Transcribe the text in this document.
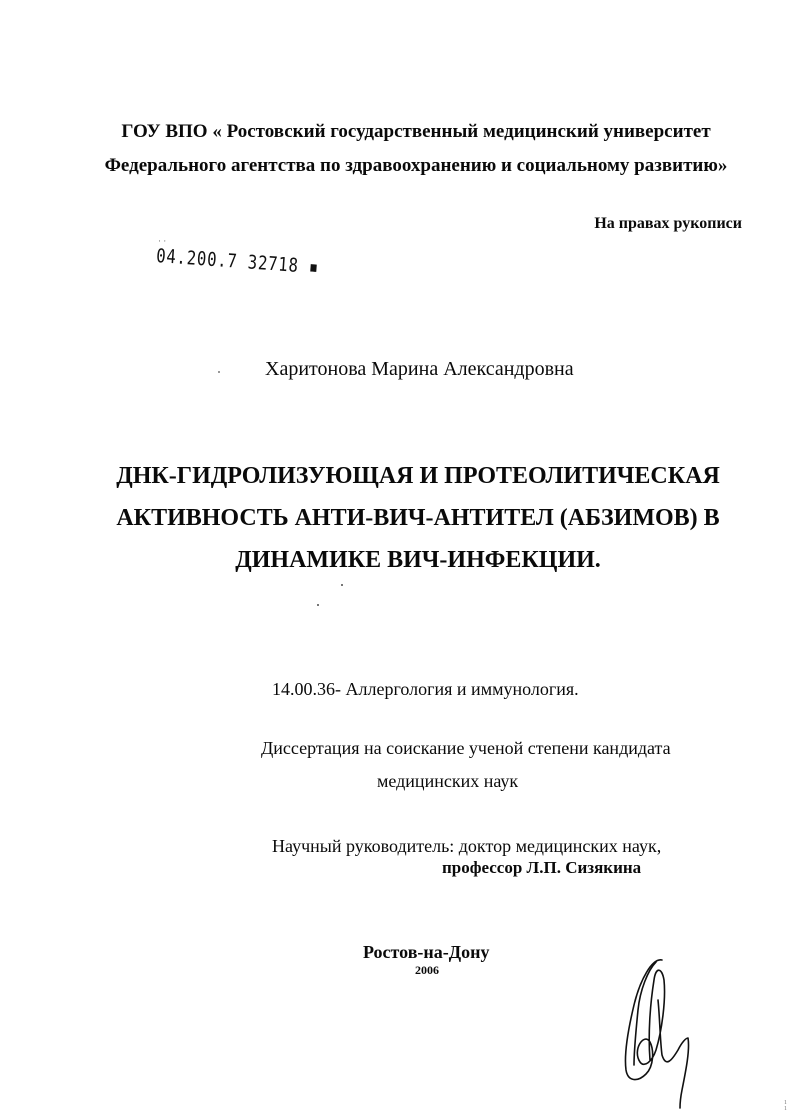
ГОУ ВПО « Ростовский государственный медицинский университет
Федерального агентства по здравоохранению и социальному развитию»
На правах рукописи
· ·
04.200.7 32718 ▪
Харитонова Марина Александровна
ДНК-ГИДРОЛИЗУЮЩАЯ И ПРОТЕОЛИТИЧЕСКАЯ
АКТИВНОСТЬ АНТИ-ВИЧ-АНТИТЕЛ (АБЗИМОВ) В
ДИНАМИКЕ ВИЧ-ИНФЕКЦИИ.
14.00.36- Аллергология и иммунология.
Диссертация на соискание ученой степени кандидата
медицинских наук
Научный руководитель: доктор медицинских наук,
профессор Л.П. Сизякина
Ростов-на-Дону
2006
1
1
